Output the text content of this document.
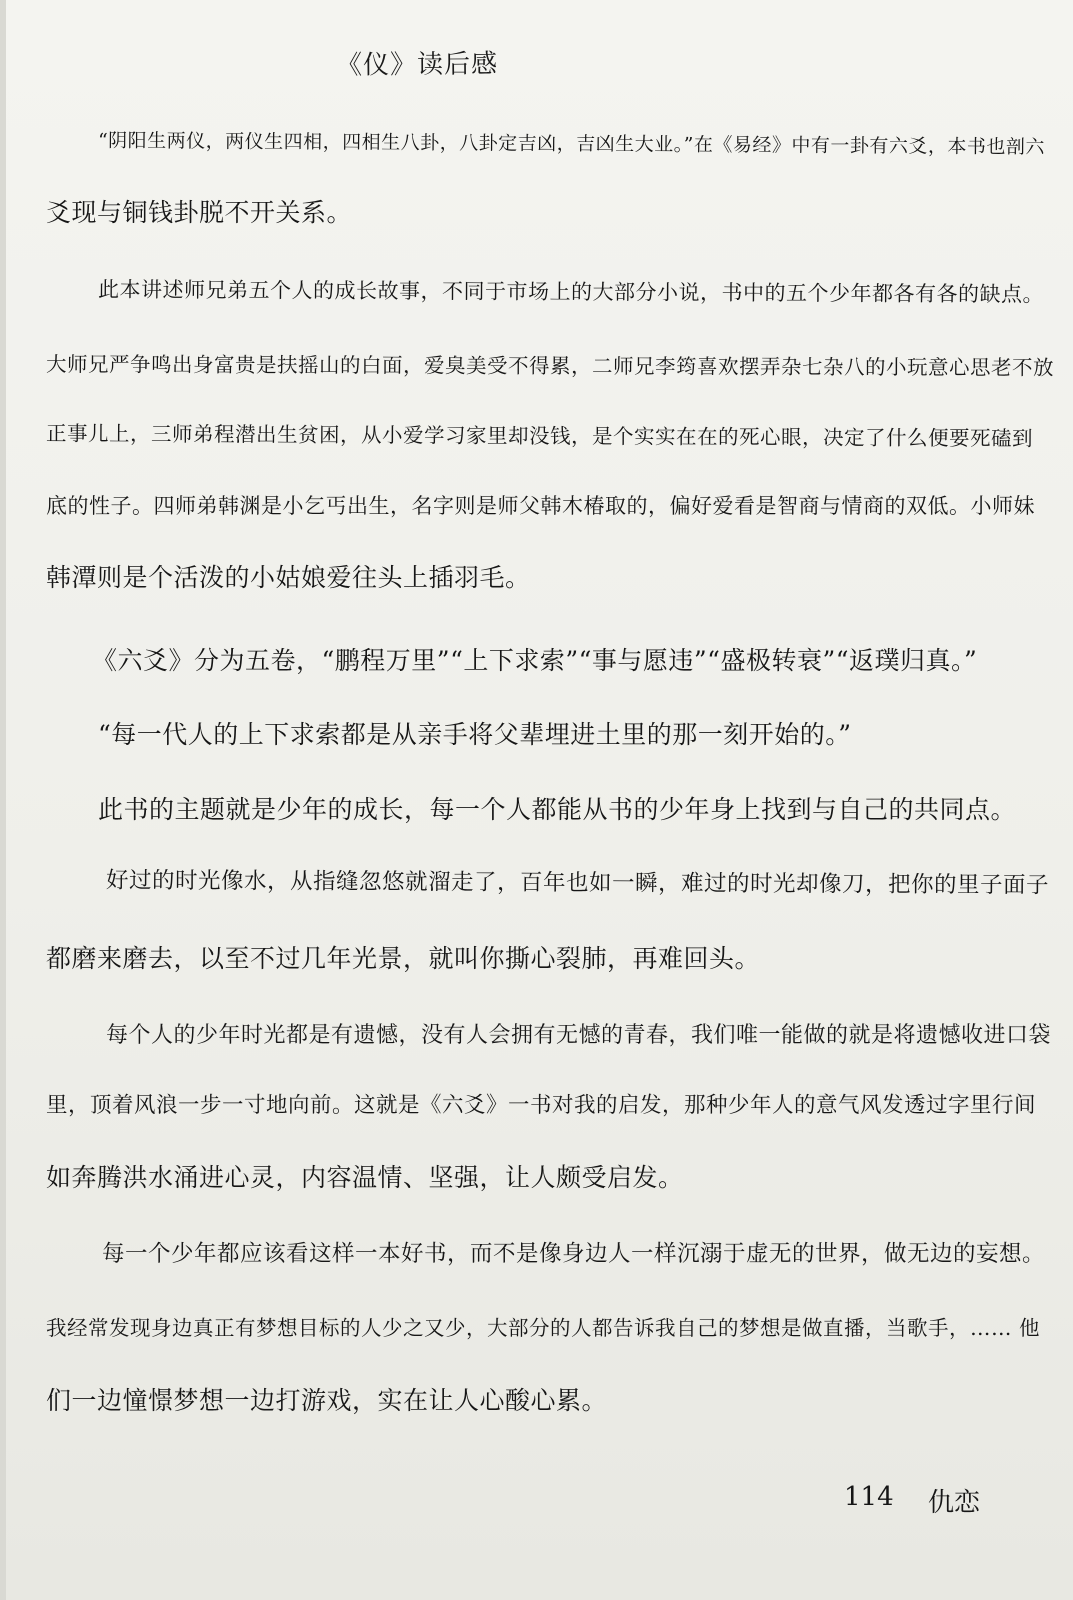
《仪》读后感

“阴阳生两仪，两仪生四相，四相生八卦，八卦定吉凶，吉凶生大业。”在《易经》中有一卦有六爻，本书也剖六

爻现与铜钱卦脱不开关系。

此本讲述师兄弟五个人的成长故事，不同于市场上的大部分小说，书中的五个少年都各有各的缺点。

大师兄严争鸣出身富贵是扶摇山的白面，爱臭美受不得累，二师兄李筠喜欢摆弄杂七杂八的小玩意心思老不放

正事儿上，三师弟程潜出生贫困，从小爱学习家里却没钱，是个实实在在的死心眼，决定了什么便要死磕到

底的性子。四师弟韩渊是小乞丐出生，名字则是师父韩木椿取的，偏好爱看是智商与情商的双低。小师妹

韩潭则是个活泼的小姑娘爱往头上插羽毛。

《六爻》分为五卷，“鹏程万里”“上下求索”“事与愿违”“盛极转衰”“返璞归真。”

“每一代人的上下求索都是从亲手将父辈埋进土里的那一刻开始的。”

此书的主题就是少年的成长，每一个人都能从书的少年身上找到与自己的共同点。

好过的时光像水，从指缝忽悠就溜走了，百年也如一瞬，难过的时光却像刀，把你的里子面子

都磨来磨去，以至不过几年光景，就叫你撕心裂肺，再难回头。

每个人的少年时光都是有遗憾，没有人会拥有无憾的青春，我们唯一能做的就是将遗憾收进口袋

里，顶着风浪一步一寸地向前。这就是《六爻》一书对我的启发，那种少年人的意气风发透过字里行间

如奔腾洪水涌进心灵，内容温情、坚强，让人颇受启发。

每一个少年都应该看这样一本好书，而不是像身边人一样沉溺于虚无的世界，做无边的妄想。

我经常发现身边真正有梦想目标的人少之又少，大部分的人都告诉我自己的梦想是做直播，当歌手，…… 他

们一边憧憬梦想一边打游戏，实在让人心酸心累。

114 仇恋
